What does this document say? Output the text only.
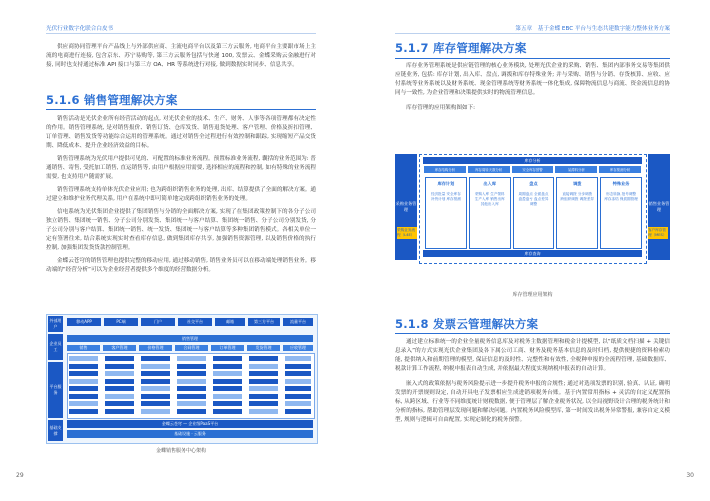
光伏行业数字化联合白皮书

供应商协同管理平台产品线上与外部供应商、主流电商平台以及第三方云服务, 电商平台主要跟市场上主流的电商进行连接, 包含京东、苏宁易购等, 第三方云服务包括与快递 100, 发票云、金蝶采购云金融进行对接, 同时也支持通过标准 API 接口与第三方 OA、HR 等系统进行对接, 做到数据实时同步、信息共享。

5.1.6 销售管理解决方案

销售活动是光伏企业所有经营活动的起点, 对光伏企业的技术、生产、财务、人事等各项管理都有决定性的作用。销售管理系统, 是对销售报价、销售订货、仓库发货、销售退货处理、客户管理、价格及折扣管理、订单管理、销售发货等功能综合运用的管理系统。通过对销售全过程进行有效控制和跟踪, 实现缩短产品交货期、降低成本、提升企业经济效益的目标。

销售管理系统为光伏用户提供可见的、可配置的标准业务流程。预置标准业务流程, 囊括的业务范围为: 普通销售、寄售, 受托加工销售, 直运销售等, 由用户根据应用需要, 选择相应的流程和控制, 如有特殊的业务流程需要, 也支持用户随需扩展。

销售管理系统支持单体光伏企业应用; 也为跨组织销售业务的处理, 出库、结算提供了全面的解决方案。通过建立和维护业务代理关系, 用户在系统中即可简单地完成跨组织销售业务的处理。

信电系统为光伏集团企业提供了集团销售与分销的全面解决方案, 实现了在集团政策控制下的各分子公司独立销售、集团统一销售、分子公司分别发货、集团统一与客户结算、集团统一销售、分子公司分别发货, 分子公司分别与客户结算、集团统一销售、统一发货、集团统一与客户结算等多种集团销售模式。各相关单位一定有签署往来, 结合系统实现实时查看库存信息, 做到集团库存共享, 加强销售资源管理, 以及销售价格的执行控制, 加强集团发货货款控制管理。

金蝶云苍穹的销售管理也提供完整的移动应用, 通过移动销售, 销售业务员可以在移动端处理销售业务。移动端的“经营分析”可以为企业经营者提供多个维度的经营数据分析。

外部用户
企业员工
平台服务
基础支撑
移动APP	PC端	门户	社交平台	邮箱	第三方平台	流量平台
销售管理
销售	客户管理	价格管理	合同管理	订单管理	发货管理	应收管理
金蝶云苍穹 — 企业级PaaS平台
基础设施 · 云服务
金蝶销售服务中心架构
29
第五章　基于金蝶 EBC 平台与生态共建数字能力整体业务方案
5.1.7 库存管理解决方案

库存业务管理系统是供应链管理的核心业务模块, 处理光伏企业的采购、销售、集团内部事务交易等集团供应链业务, 包括: 库存计划, 出入库、盘点, 调拨和库存特殊业务; 并与采购、销售与分销、存货核算、应收、应付系统等业务系统以及财务系统、现金管理系统等财务系统一体化集成, 保障物流信息与商流、资金流信息的协同与一致性, 为企业管理和决策提供实时的物流管理信息。

库存管理的应用架构图如下:

采购业务管理
销售业务管理
库存分析
库存结构分析	库存周转天数分析	安全库存预警	呆滞料分析	库存预测分析
库存计划
经济批量 安全库存 补货计划 库存预测
出入库
采购入库 生产领料 生产入库 销售出库 其他出入库
盘点
周期盘点 全面盘点 盘盈盘亏 盘点差异 调整
调拨
直接调拨 分步调拨 跨组织调拨 调拨差异
特殊业务
形态转换 批号调整 库存冻结 保质期管理
库存查询
采购业务流程（L4E）
客户库存管理（MES）
库存管理应用架构
5.1.8 发票云管理解决方案

通过建立标准统一的企业全量税务信息库及对税务主数据管理和税金计提模型, 以“纸质文档扫描 + 关键信息录入”的方式实现光伏企业集团及各下属公司工商、财务及税务基本信息的及时归档, 提供便捷的资料检索功能, 提供纳入和前期管理的模型, 保证信息的及时性、完整性和有效性, 全税种申报的全流程管理, 基础数据库、税款计算工作流程, 纳税申报表自动生成, 并依据最大程度实现纳税申报表的自动计算。

嵌入式的政策依据与税务风险提示进一步提升税务申报的合规性; 通过对选项发票的识别, 验真、认证, 确明发票的开票规则设定, 自动开具电子发票相应生成进销项税务台账。基于内置常用指标 + 灵活的自定义配置指标, 从跨区域、行业等不同维度统计财税数据, 便于管理层了解企业税务状况, 以全局视野设计合理的税务统计和分析的指标, 帮助管理层发现问题和解决问题。内置税务风险模型库, 第一时间发出税务异常警报, 兼容自定义模型, 规则与逻辑可自由配置, 实现定制化的税务预警。

30
